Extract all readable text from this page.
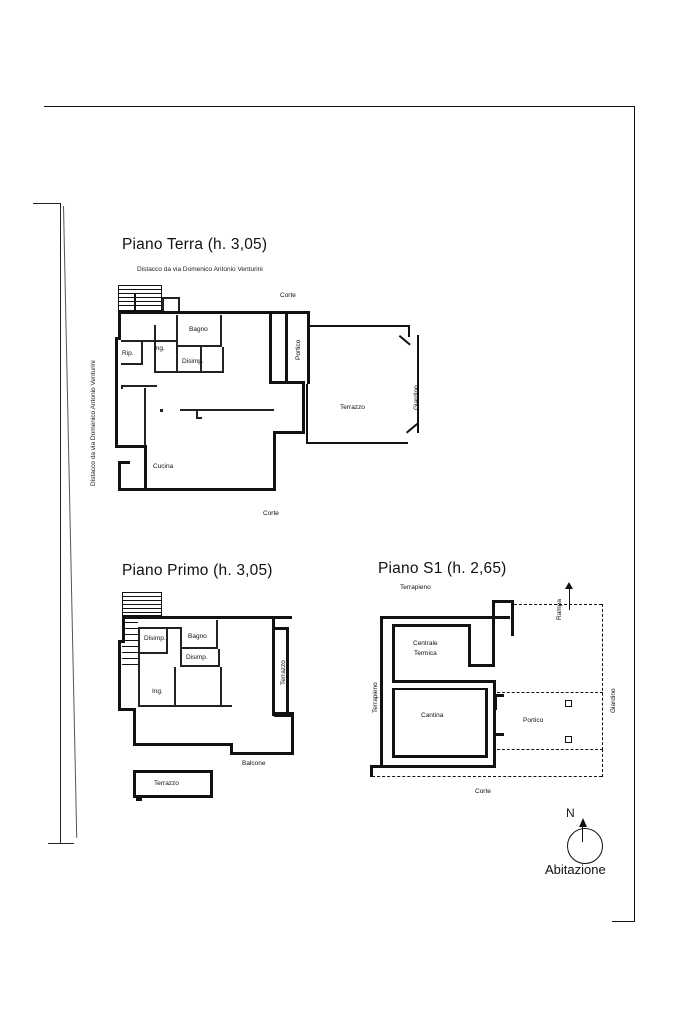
Piano Terra (h. 3,05)
Distacco da via Domenico Antonio Venturini
Piano Primo (h. 3,05)	Piano S1 (h. 2,65)
Distacco da via Domenico Antonio Venturini
Rip.
Ing.
Bagno
Disimp.
Cucina
Portico
Terrazzo	Giardino
Corte
Corte
Disimp.	Bagno
Disimp.
Ing.
Terrazzo
Balcone
Terrazzo
Terrapieno
Centrale
Termica
Cantina
Terrapieno
Portico
Giardino
Corte
Rampa
N
Abitazione
